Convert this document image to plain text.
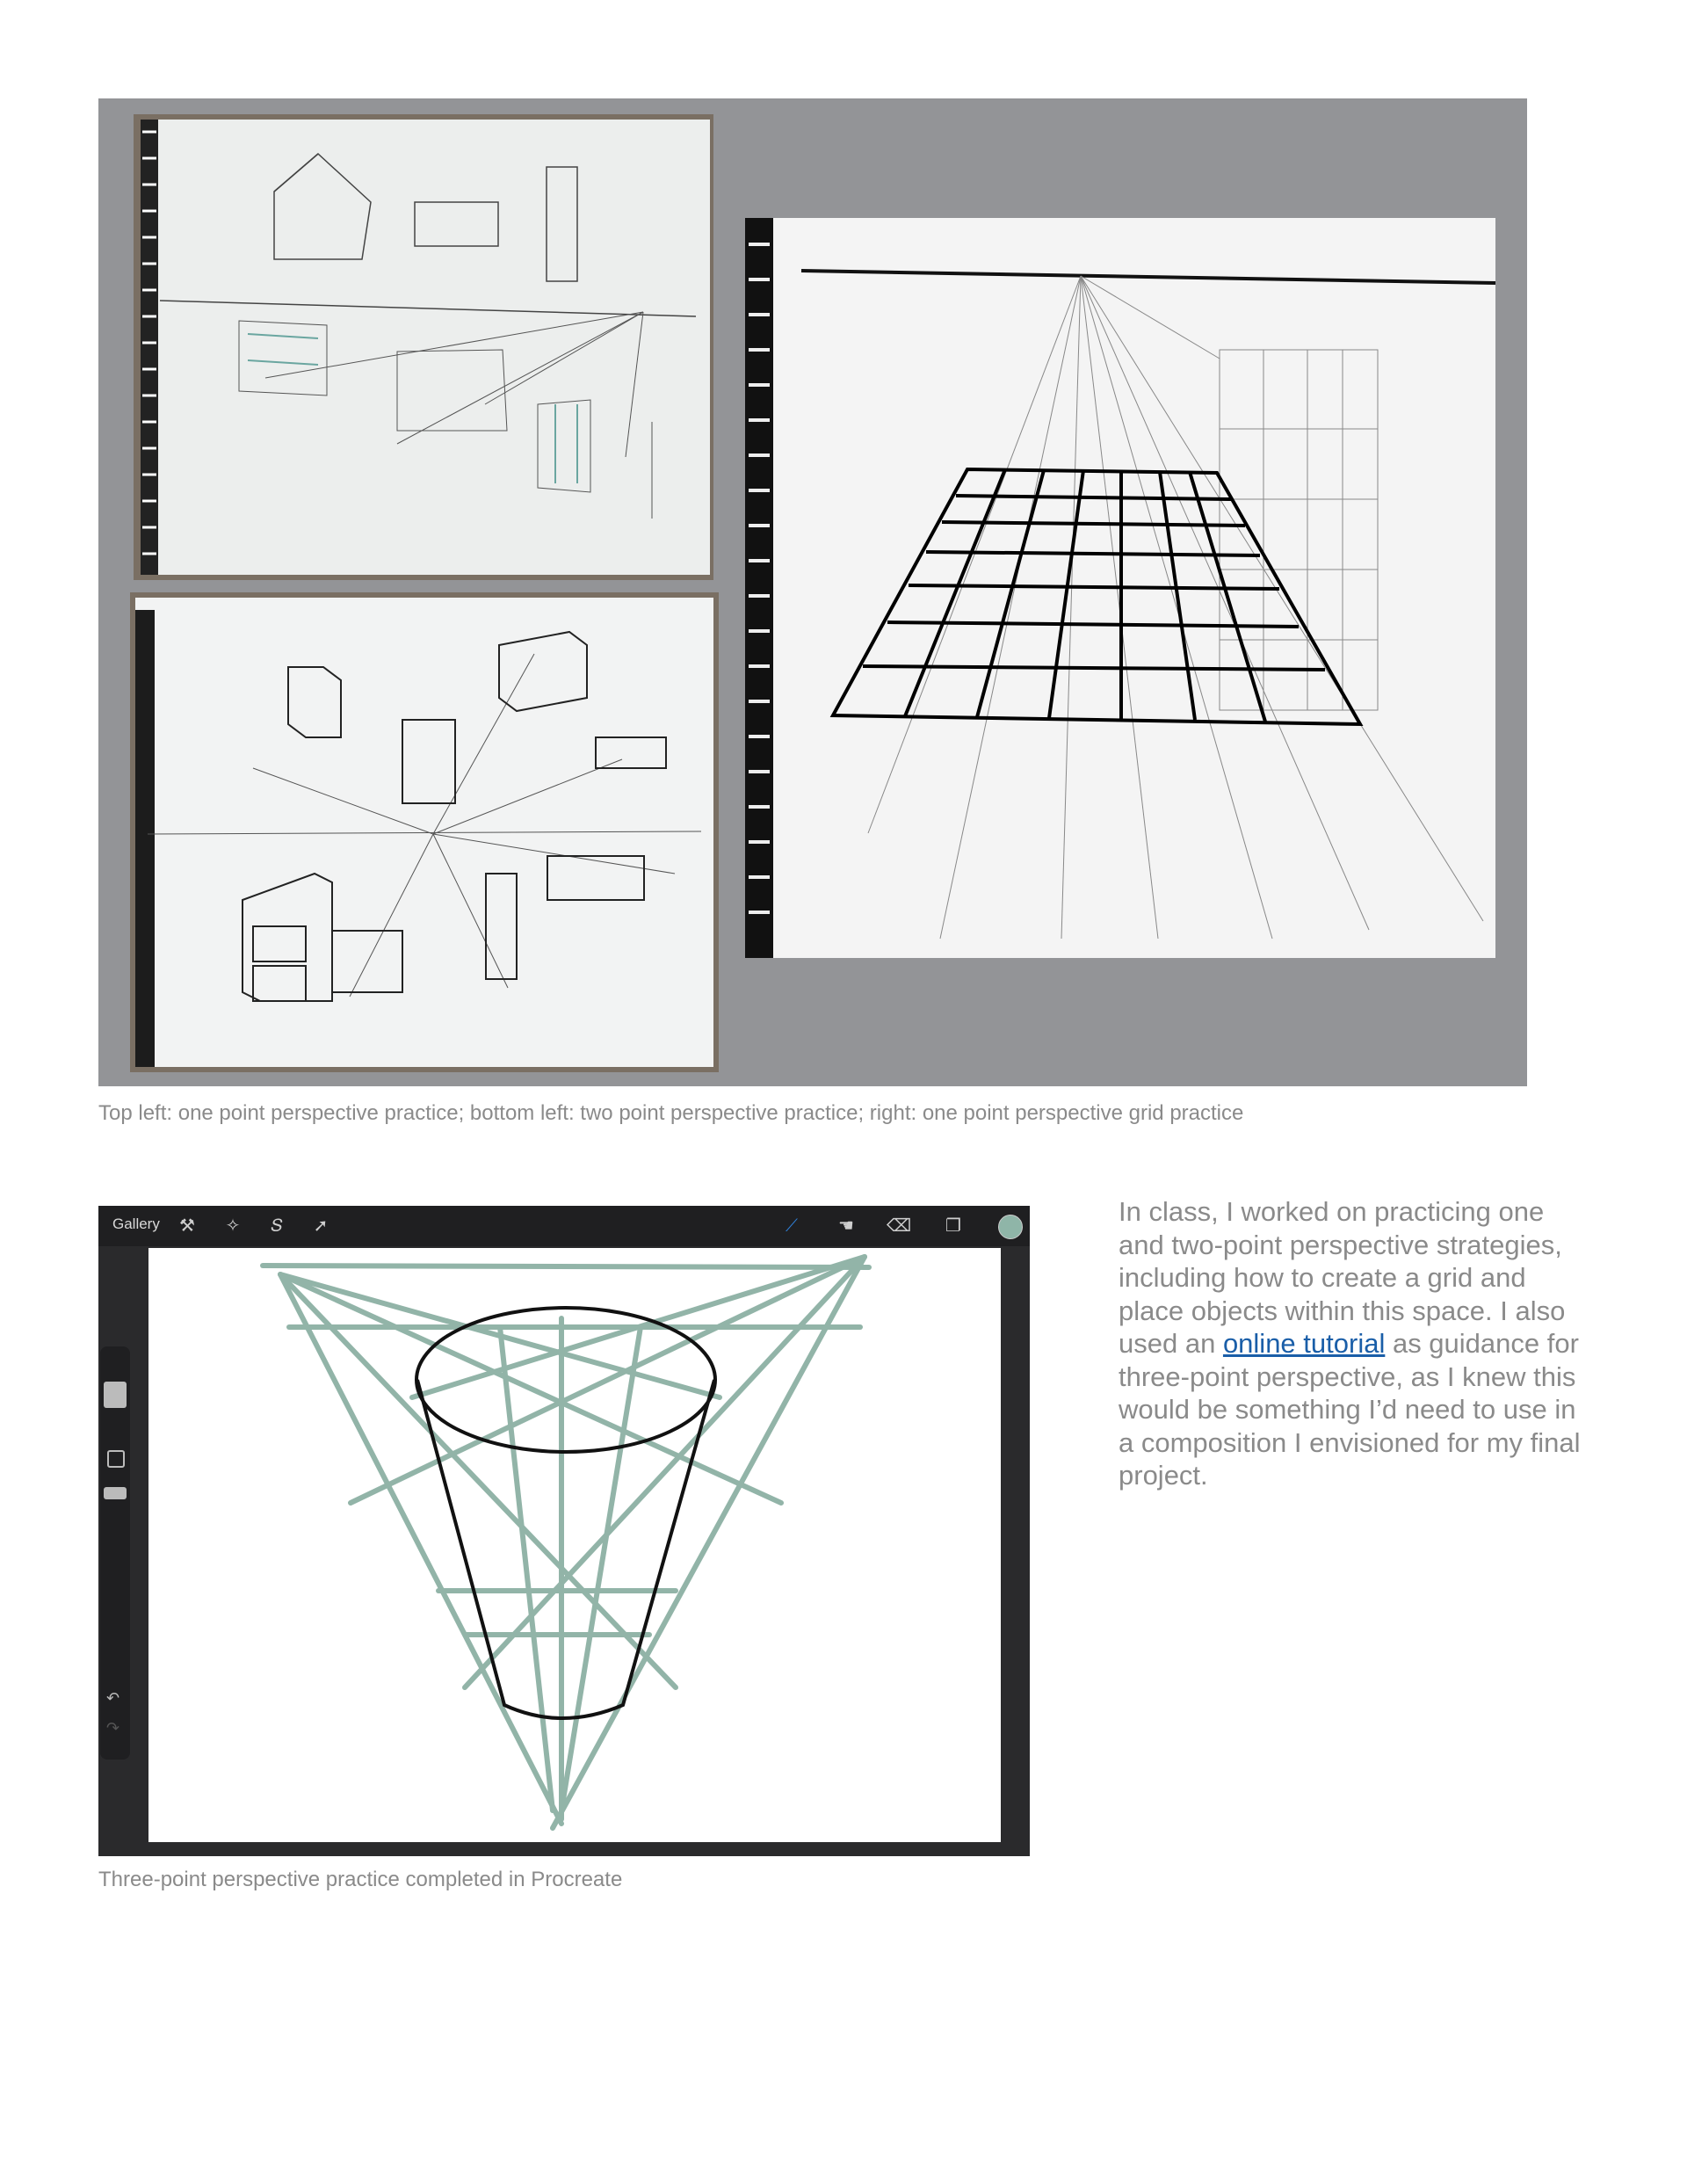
Top left: one point perspective practice; bottom left: two point perspective practice; right: one point perspective grid practice
Gallery	⚒	✧	𝑆	➚	⟋	☚	⌫	❐
↶
↷
Three-point perspective practice completed in Procreate
In class, I worked on practicing one and two-point perspective strategies, including how to create a grid and place objects within this space. I also used an online tutorial as guidance for three-point perspective, as I knew this would be something I’d need to use in a composition I envisioned for my final project.
